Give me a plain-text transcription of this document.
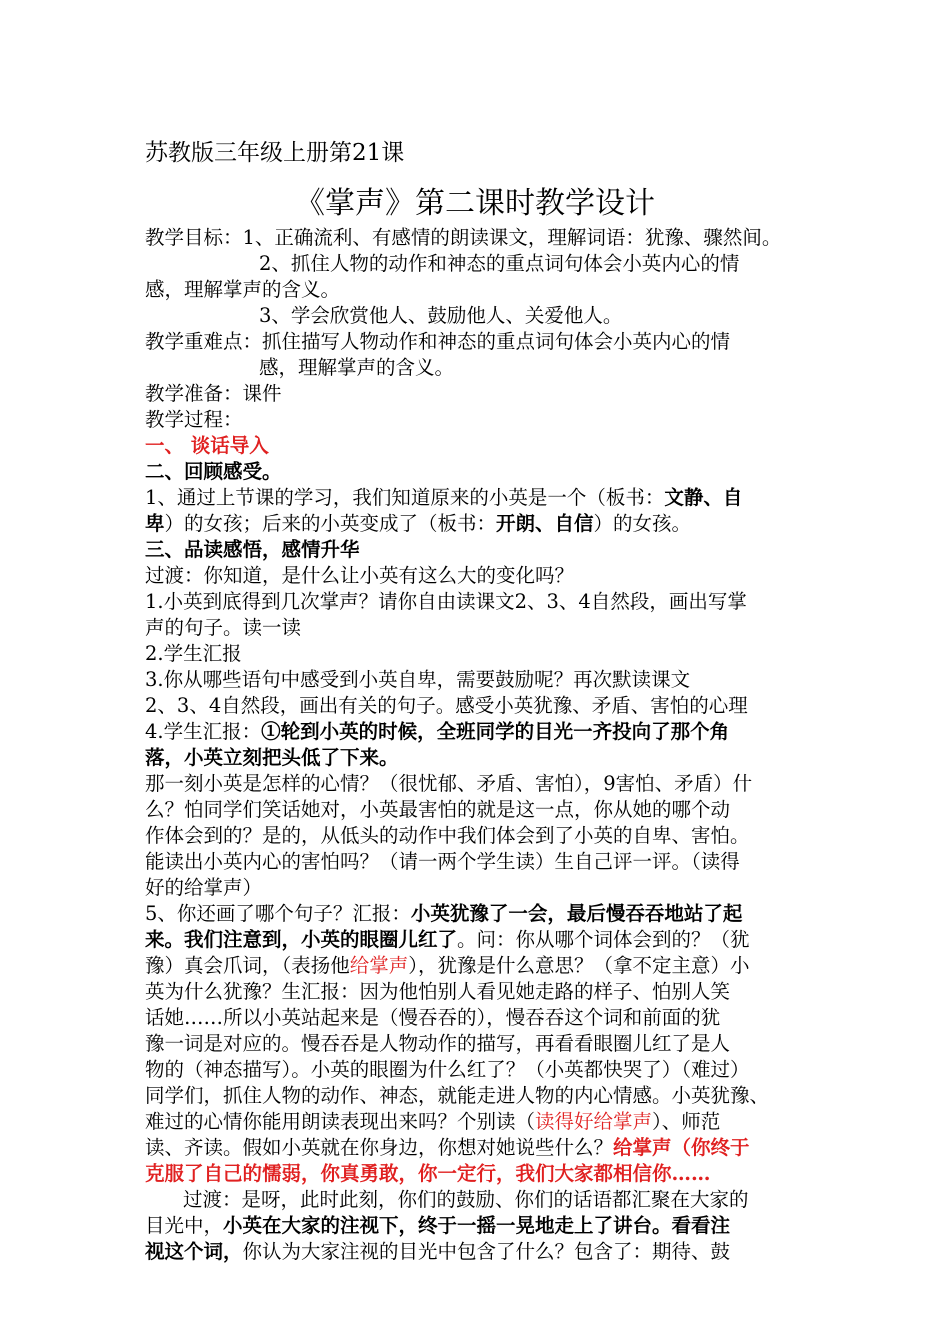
苏教版三年级上册第21课
《掌声》第二课时教学设计
教学目标：1、正确流利、有感情的朗读课文，理解词语：犹豫、骤然间。
2、抓住人物的动作和神态的重点词句体会小英内心的情
感，理解掌声的含义。
3、学会欣赏他人、鼓励他人、关爱他人。
教学重难点：抓住描写人物动作和神态的重点词句体会小英内心的情
感，理解掌声的含义。
教学准备：课件
教学过程：
一、 谈话导入
二、回顾感受。
1、通过上节课的学习，我们知道原来的小英是一个（板书：文静、自
卑）的女孩；后来的小英变成了（板书：开朗、自信）的女孩。
三、品读感悟，感情升华
过渡：你知道，是什么让小英有这么大的变化吗？
1.小英到底得到几次掌声？请你自由读课文2、3、4自然段，画出写掌
声的句子。读一读
2.学生汇报
3.你从哪些语句中感受到小英自卑，需要鼓励呢？再次默读课文
2、3、4自然段，画出有关的句子。感受小英犹豫、矛盾、害怕的心理
4.学生汇报：①轮到小英的时候，全班同学的目光一齐投向了那个角
落，小英立刻把头低了下来。
那一刻小英是怎样的心情？（很忧郁、矛盾、害怕），9害怕、矛盾）什
么？怕同学们笑话她对，小英最害怕的就是这一点，你从她的哪个动
作体会到的？是的，从低头的动作中我们体会到了小英的自卑、害怕。
能读出小英内心的害怕吗？（请一两个学生读）生自己评一评。（读得
好的给掌声）
5、你还画了哪个句子？汇报：小英犹豫了一会，最后慢吞吞地站了起
来。我们注意到，小英的眼圈儿红了。问：你从哪个词体会到的？（犹
豫）真会爪词，（表扬他给掌声），犹豫是什么意思？（拿不定主意）小
英为什么犹豫？生汇报：因为他怕别人看见她走路的样子、怕别人笑
话她……所以小英站起来是（慢吞吞的），慢吞吞这个词和前面的犹
豫一词是对应的。慢吞吞是人物动作的描写，再看看眼圈儿红了是人
物的（神态描写）。小英的眼圈为什么红了？（小英都快哭了）（难过）
同学们，抓住人物的动作、神态，就能走进人物的内心情感。小英犹豫、
难过的心情你能用朗读表现出来吗？个别读（读得好给掌声）、师范
读、齐读。假如小英就在你身边，你想对她说些什么？给掌声（你终于
克服了自己的懦弱，你真勇敢，你一定行，我们大家都相信你……
过渡：是呀，此时此刻，你们的鼓励、你们的话语都汇聚在大家的
目光中，小英在大家的注视下，终于一摇一晃地走上了讲台。看看注
视这个词，你认为大家注视的目光中包含了什么？包含了：期待、鼓
